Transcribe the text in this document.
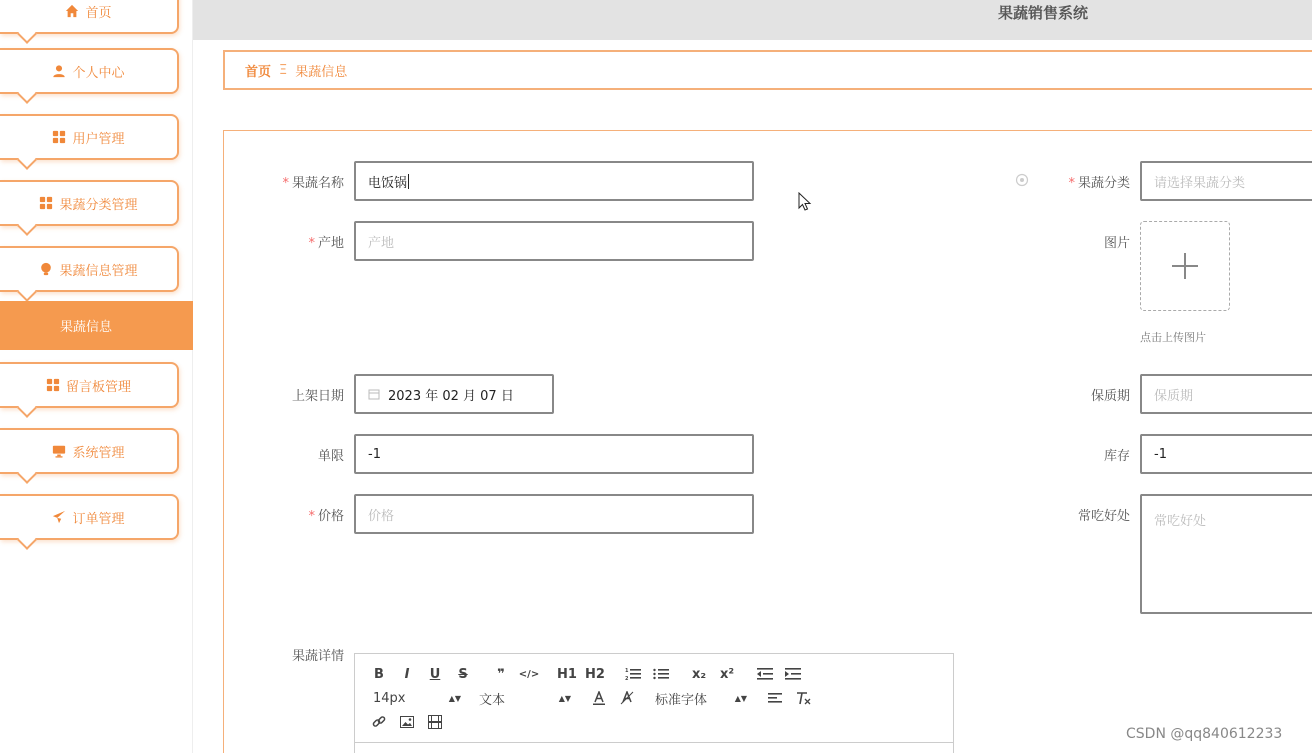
首页
个人中心
用户管理
果蔬分类管理
果蔬信息管理
果蔬信息
留言板管理
系统管理
订单管理
果蔬销售系统
首页 Ξ 果蔬信息
* 果蔬名称 电饭锅	* 果蔬分类 请选择果蔬分类
* 产地 产地	图片
点击上传图片
上架日期	2023 年 02 月 07 日	保质期 保质期
单限 -1	库存 -1
* 价格 价格	常吃好处	常吃好处
果蔬详情
B	I	U	S	❞	</>	H1 H2	1
2	x₂	x²
14px	▲▼ 文本	▲▼	标准字体	▲▼
CSDN @qq840612233
